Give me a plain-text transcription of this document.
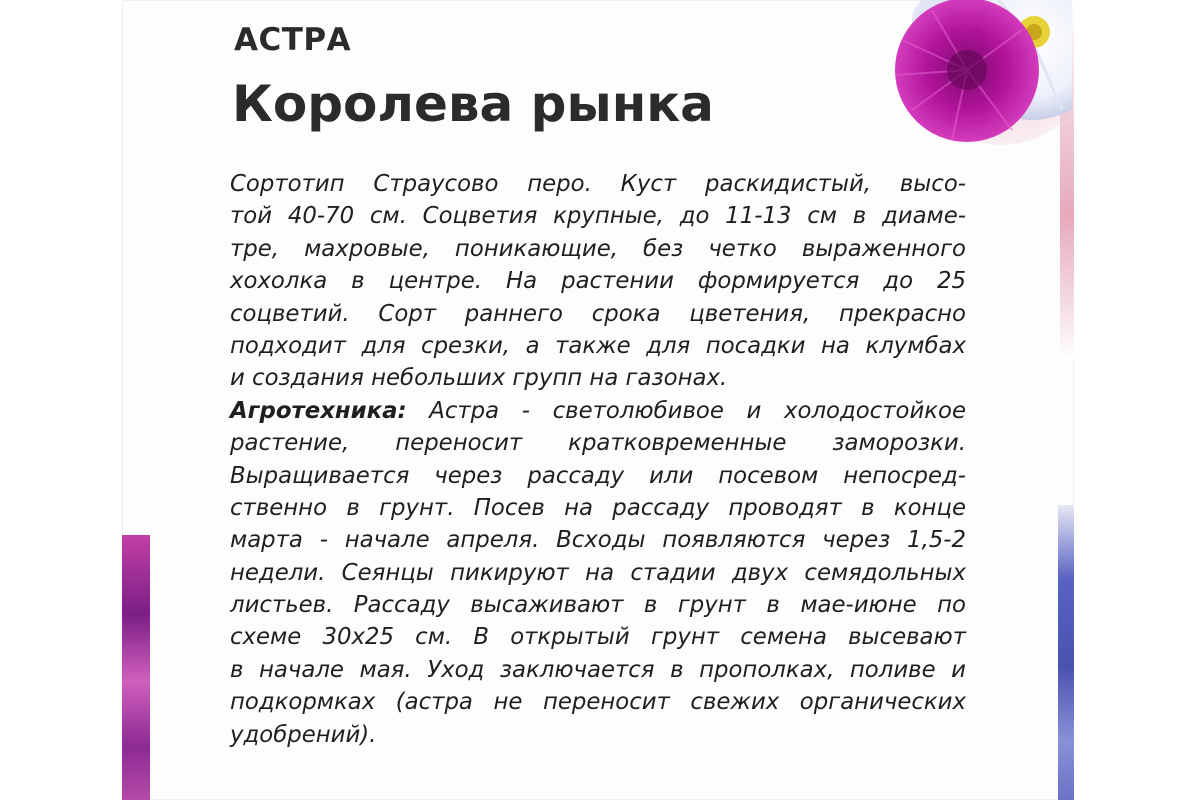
АСТРА
Королева рынка
Сортотип Страусово перо. Куст раскидистый, высо-
той 40-70 см. Соцветия крупные, до 11-13 см в диаме-
тре, махровые, поникающие, без четко выраженного
хохолка в центре. На растении формируется до 25
соцветий. Сорт раннего срока цветения, прекрасно
подходит для срезки, а также для посадки на клумбах
и создания небольших групп на газонах.
Агротехника: Астра - светолюбивое и холодостойкое
растение, переносит кратковременные заморозки.
Выращивается через рассаду или посевом непосред-
ственно в грунт. Посев на рассаду проводят в конце
марта - начале апреля. Всходы появляются через 1,5-2
недели. Сеянцы пикируют на стадии двух семядольных
листьев. Рассаду высаживают в грунт в мае-июне по
схеме 30х25 см. В открытый грунт семена высевают
в начале мая. Уход заключается в прополках, поливе и
подкормках (астра не переносит свежих органических
удобрений).
